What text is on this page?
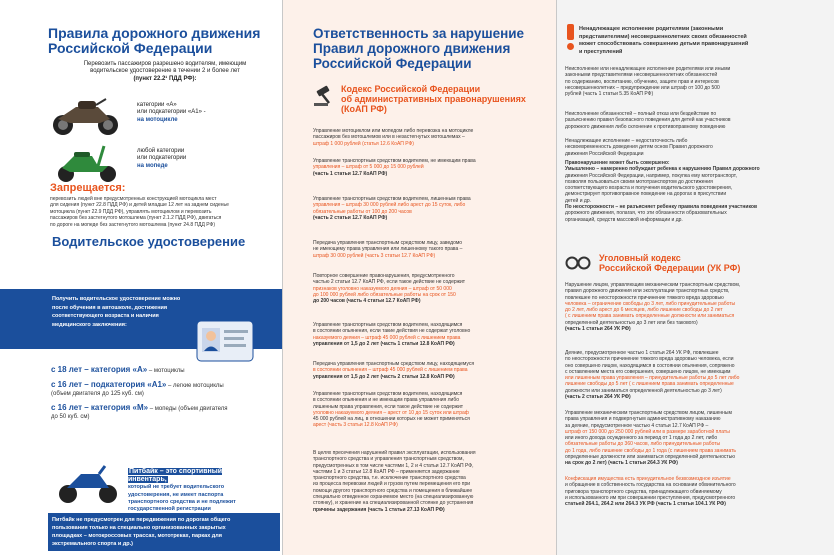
Правила дорожного движения
Российской Федерации
Перевозить пассажиров разрешено водителям, имеющим
водительское удостоверение в течении 2 и более лет
(пункт 22.2¹ ПДД РФ):
категории «А»
или подкатегории «А1» -
на мотоцикле
любой категории
или подкатегории
на мопеде
Запрещается:
перевозить людей вне предусмотренных конструкцией мотоцикла мест
для сидения (пункт 22.8 ПДД РФ) и детей младше 12 лет на заднем сиденье
мотоцикла (пункт 22.9 ПДД РФ), управлять мотоциклом и перевозить
пассажиров без застегнутого мотошлема (пункт 2.1.2 ПДД РФ), двигаться
по дороге на мопеде без застегнутого мотошлема (пункт 24.8 ПДД РФ)
Водительское удостоверение
Получить водительское удостоверение можно
после обучения в автошколе, достижения
соответствующего возраста и наличия
медицинского заключения:
с 18 лет – категория «А» – мотоциклы
с 16 лет – подкатегория «А1» – легкие мотоциклы
(объем двигателя до 125 куб. см)
с 16 лет – категория «М» – мопеды (объем двигателя
до 50 куб. см)
Питбайк – это спортивный инвентарь,
который не требует водительского
удостоверения, не имеет паспорта
транспортного средства и не подлежит
государственной регистрации
Питбайк не предусмотрен для передвижения по дорогам общего
пользования только на специально организованных закрытых
площадках – мотокроссовых трассах, мототреках, парках для
экстремального спорта и др.)
Ответственность за нарушение
Правил дорожного движения
Российской Федерации
Кодекс Российской Федерации
об административных правонарушениях
(КоАП РФ)
Управление мотоциклом или мопедом либо перевозка на мотоцикле
пассажиров без мотошлемов или в незастегнутых мотошлемах –
штраф 1 000 рублей (статья 12.6 КоАП РФ)
Управление транспортным средством водителем, не имеющим права
управления – штраф от 5 000 до 15 000 рублей
(часть 1 статьи 12.7 КоАП РФ)
Управление транспортным средством водителем, лишенным права
управления – штраф 30 000 рублей либо арест до 15 суток, либо
обязательные работы от 100 до 200 часов
(часть 2 статьи 12.7 КоАП РФ)
Передача управления транспортным средством лицу, заведомо
не имеющему права управления или лишенному такого права –
штраф 30 000 рублей (часть 3 статьи 12.7 КоАП РФ)
Повторное совершение правонарушения, предусмотренного
частью 2 статьи 12.7 КоАП РФ, если такое действие не содержит
признаков уголовно наказуемого деяния – штраф от 50 000
до 100 000 рублей либо обязательные работы на срок от 150
до 200 часов (часть 4 статьи 12.7 КоАП РФ)
Управление транспортным средством водителем, находящимся
в состоянии опьянения, если такие действия не содержат уголовно
наказуемого деяния – штраф 45 000 рублей с лишением права
управления от 1,5 до 2 лет (часть 1 статьи 12.8 КоАП РФ)
Передача управления транспортным средством лицу, находящемуся
в состоянии опьянения – штраф 45 000 рублей с лишением права
управления от 1,5 до 2 лет (часть 2 статьи 12.8 КоАП РФ)
Управление транспортным средством водителем, находящимся
в состоянии опьянения и не имеющим права управления либо
лишенным права управления, если такое действие не содержит
уголовно наказуемого деяния – арест от 10 до 15 суток или штраф
45 000 рублей на лиц, в отношении которых не может применяться
арест (часть 3 статьи 12.8 КоАП РФ)
В целях пресечения нарушений правил эксплуатации, использования
транспортного средства и управления транспортным средством,
предусмотренных в том числе частями 1, 2 и 4 статьи 12.7 КоАП РФ,
частями 1 и 3 статьи 12.8 КоАП РФ – применяется задержание
транспортного средства, т.е. исключение транспортного средства
из процесса перевозки людей и грузов путем перемещения его при
помощи другого транспортного средства и помещения в ближайшее
специально отведенное охраняемое место (на специализированную
стоянку), и хранение на специализированной стоянке до устранения
причины задержания (часть 1 статьи 27.13 КоАП РФ)
Ненадлежащее исполнение родителями (законными
представителями) несовершеннолетних своих обязанностей
может способствовать совершению детьми правонарушений
и преступлений
Неисполнение или ненадлежащее исполнение родителями или иными
законными представителями несовершеннолетних обязанностей
по содержанию, воспитанию, обучению, защите прав и интересов
несовершеннолетних – предупреждение или штраф от 100 до 500
рублей (часть 1 статьи 5.35 КоАП РФ)
Неисполнение обязанностей – полный отказ или бездействие по
разъяснению правил безопасного поведения для детей как участников
дорожного движения либо склонение к противоправному поведению
Ненадлежащее исполнение – недостаточность либо
несвоевременность доведения детям основ Правил дорожного
движения Российской Федерации
Правонарушение может быть совершено:
Умышленно – намеренно побуждает ребенка к нарушению Правил дорожного
движения Российской Федерации, например, покупка ему мототранспорт,
позволяя пользоваться своим мототранспортом до достижения
соответствующего возраста и получения водительского удостоверения,
демонстрирует противоправное поведение на дорогах в присутствии
детей и др.
По неосторожности – не разъясняет ребенку правила поведения участников
дорожного движения, полагая, что эти обязанности образовательных
организаций, средств массовой информации и др.
Уголовный кодекс
Российской Федерации (УК РФ)
Нарушение лицом, управляющим механическим транспортным средством,
правил дорожного движения или эксплуатации транспортных средств,
повлекшее по неосторожности причинение тяжкого вреда здоровью
человека – ограничение свободы до 3 лет, либо принудительные работы
до 2 лет, либо арест до 6 месяцев, либо лишение свободы до 2 лет
( с лишением права занимать определенные должности или заниматься
определенной деятельностью до 3 лет или без такового)
(часть 1 статьи 264 УК РФ)
Деяние, предусмотренное частью 1 статьи 264 УК РФ, повлекшее
по неосторожности причинение тяжкого вреда здоровью человека, если
оно совершено лицом, находящимся в состоянии опьянения, сопряжено
с оставлением места его совершения, совершено лицом, не имеющим
или лишенным права управления – принудительные работы до 5 лет либо
лишение свободы до 5 лет ( с лишением права занимать определенные
должности или заниматься определенной деятельностью до 3 лет)
(часть 2 статьи 264 УК РФ)
Управление механическим транспортным средством лицом, лишенным
права управления и подвергнутым административному наказанию
за деяние, предусмотренное частью 4 статьи 12.7 КоАП РФ –
штраф от 150 000 до 250 000 рублей или в размере заработной платы
или иного дохода осужденного за период от 1 года до 2 лет, либо
обязательные работы до 360 часов, либо принудительные работы
до 1 года, либо лишение свободы до 1 года (с лишением права занимать
определенные должности или заниматься определенной деятельностью
на срок до 2 лет) (часть 1 статьи 264.3 УК РФ)
Конфискация имущества есть принудительное безвозмездное изъятие
и обращение в собственность государства на основании обвинительного
приговора транспортного средства, принадлежащего обвиняемому
и использованного им при совершении преступления, предусмотренного
статьей 264.1, 264.2 или 264.3 УК РФ (часть 1 статьи 104.1 УК РФ)
